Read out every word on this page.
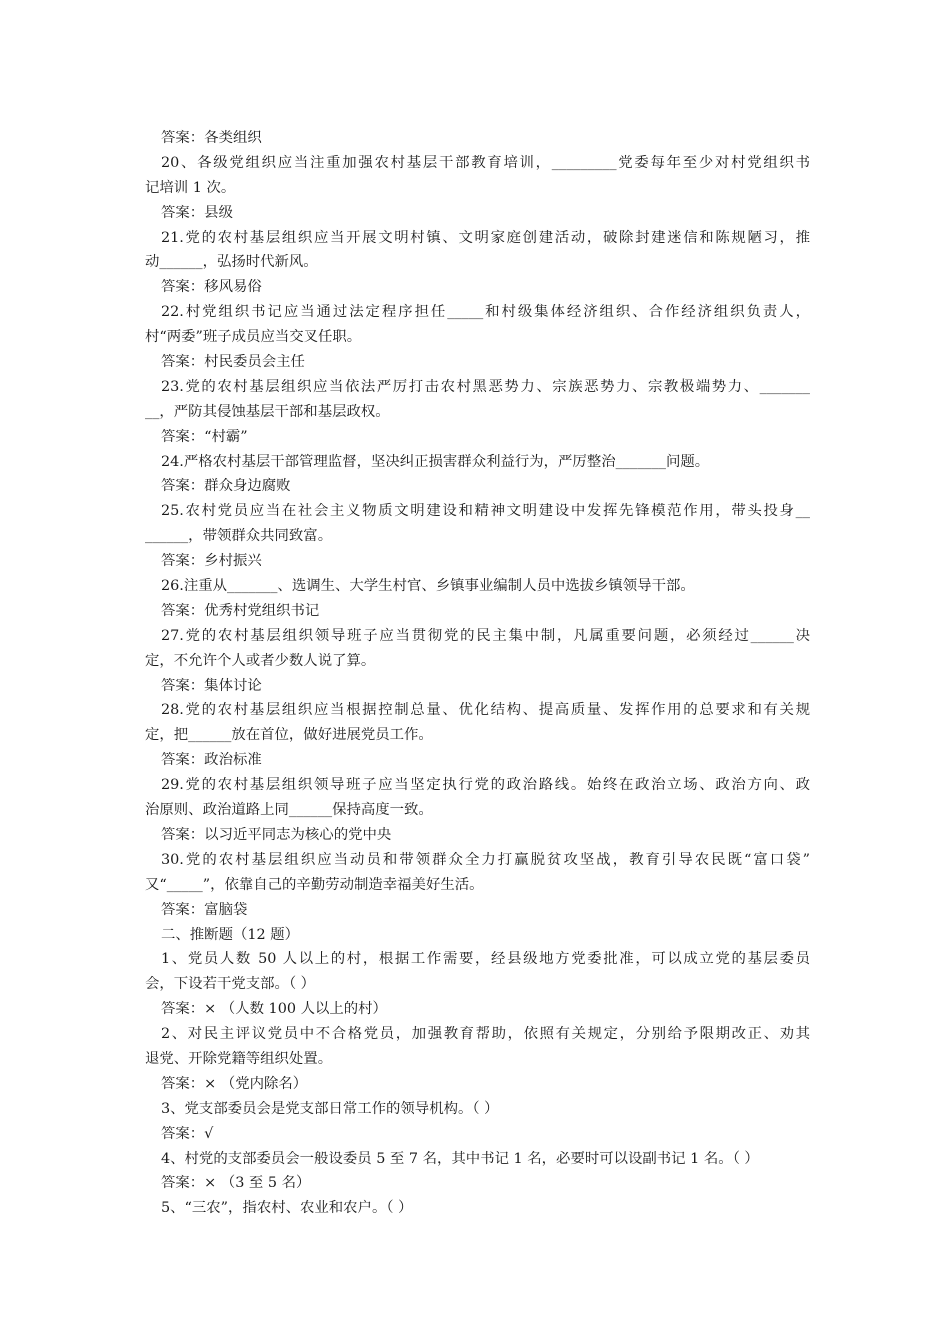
答案：各类组织
20、各级党组织应当注重加强农村基层干部教育培训，_________党委每年至少对村党组织书
记培训 1 次。
答案：县级
21.党的农村基层组织应当开展文明村镇、文明家庭创建活动，破除封建迷信和陈规陋习，推
动______，弘扬时代新风。
答案：移风易俗
22.村党组织书记应当通过法定程序担任_____和村级集体经济组织、合作经济组织负责人，
村“两委”班子成员应当交叉任职。
答案：村民委员会主任
23.党的农村基层组织应当依法严厉打击农村黑恶势力、宗族恶势力、宗教极端势力、_______
__，严防其侵蚀基层干部和基层政权。
答案：“村霸”
24.严格农村基层干部管理监督，坚决纠正损害群众利益行为，严厉整治_______问题。
答案：群众身边腐败
25.农村党员应当在社会主义物质文明建设和精神文明建设中发挥先锋模范作用，带头投身__
______，带领群众共同致富。
答案：乡村振兴
26.注重从_______、选调生、大学生村官、乡镇事业编制人员中选拔乡镇领导干部。
答案：优秀村党组织书记
27.党的农村基层组织领导班子应当贯彻党的民主集中制，凡属重要问题，必须经过______决
定，不允许个人或者少数人说了算。
答案：集体讨论
28.党的农村基层组织应当根据控制总量、优化结构、提高质量、发挥作用的总要求和有关规
定，把______放在首位，做好进展党员工作。
答案：政治标准
29.党的农村基层组织领导班子应当坚定执行党的政治路线。始终在政治立场、政治方向、政
治原则、政治道路上同______保持高度一致。
答案：以习近平同志为核心的党中央
30.党的农村基层组织应当动员和带领群众全力打赢脱贫攻坚战，教育引导农民既“富口袋”
又“_____”，依靠自己的辛勤劳动制造幸福美好生活。
答案：富脑袋
二、推断题（12 题）
1、党员人数 50 人以上的村，根据工作需要，经县级地方党委批准，可以成立党的基层委员
会，下设若干党支部。（ ）
答案：× （人数 100 人以上的村）
2、对民主评议党员中不合格党员，加强教育帮助，依照有关规定，分别给予限期改正、劝其
退党、开除党籍等组织处置。
答案：× （党内除名）
3、党支部委员会是党支部日常工作的领导机构。（ ）
答案：√
4、村党的支部委员会一般设委员 5 至 7 名，其中书记 1 名，必要时可以设副书记 1 名。（ ）
答案：× （3 至 5 名）
5、“三农”，指农村、农业和农户。（ ）
